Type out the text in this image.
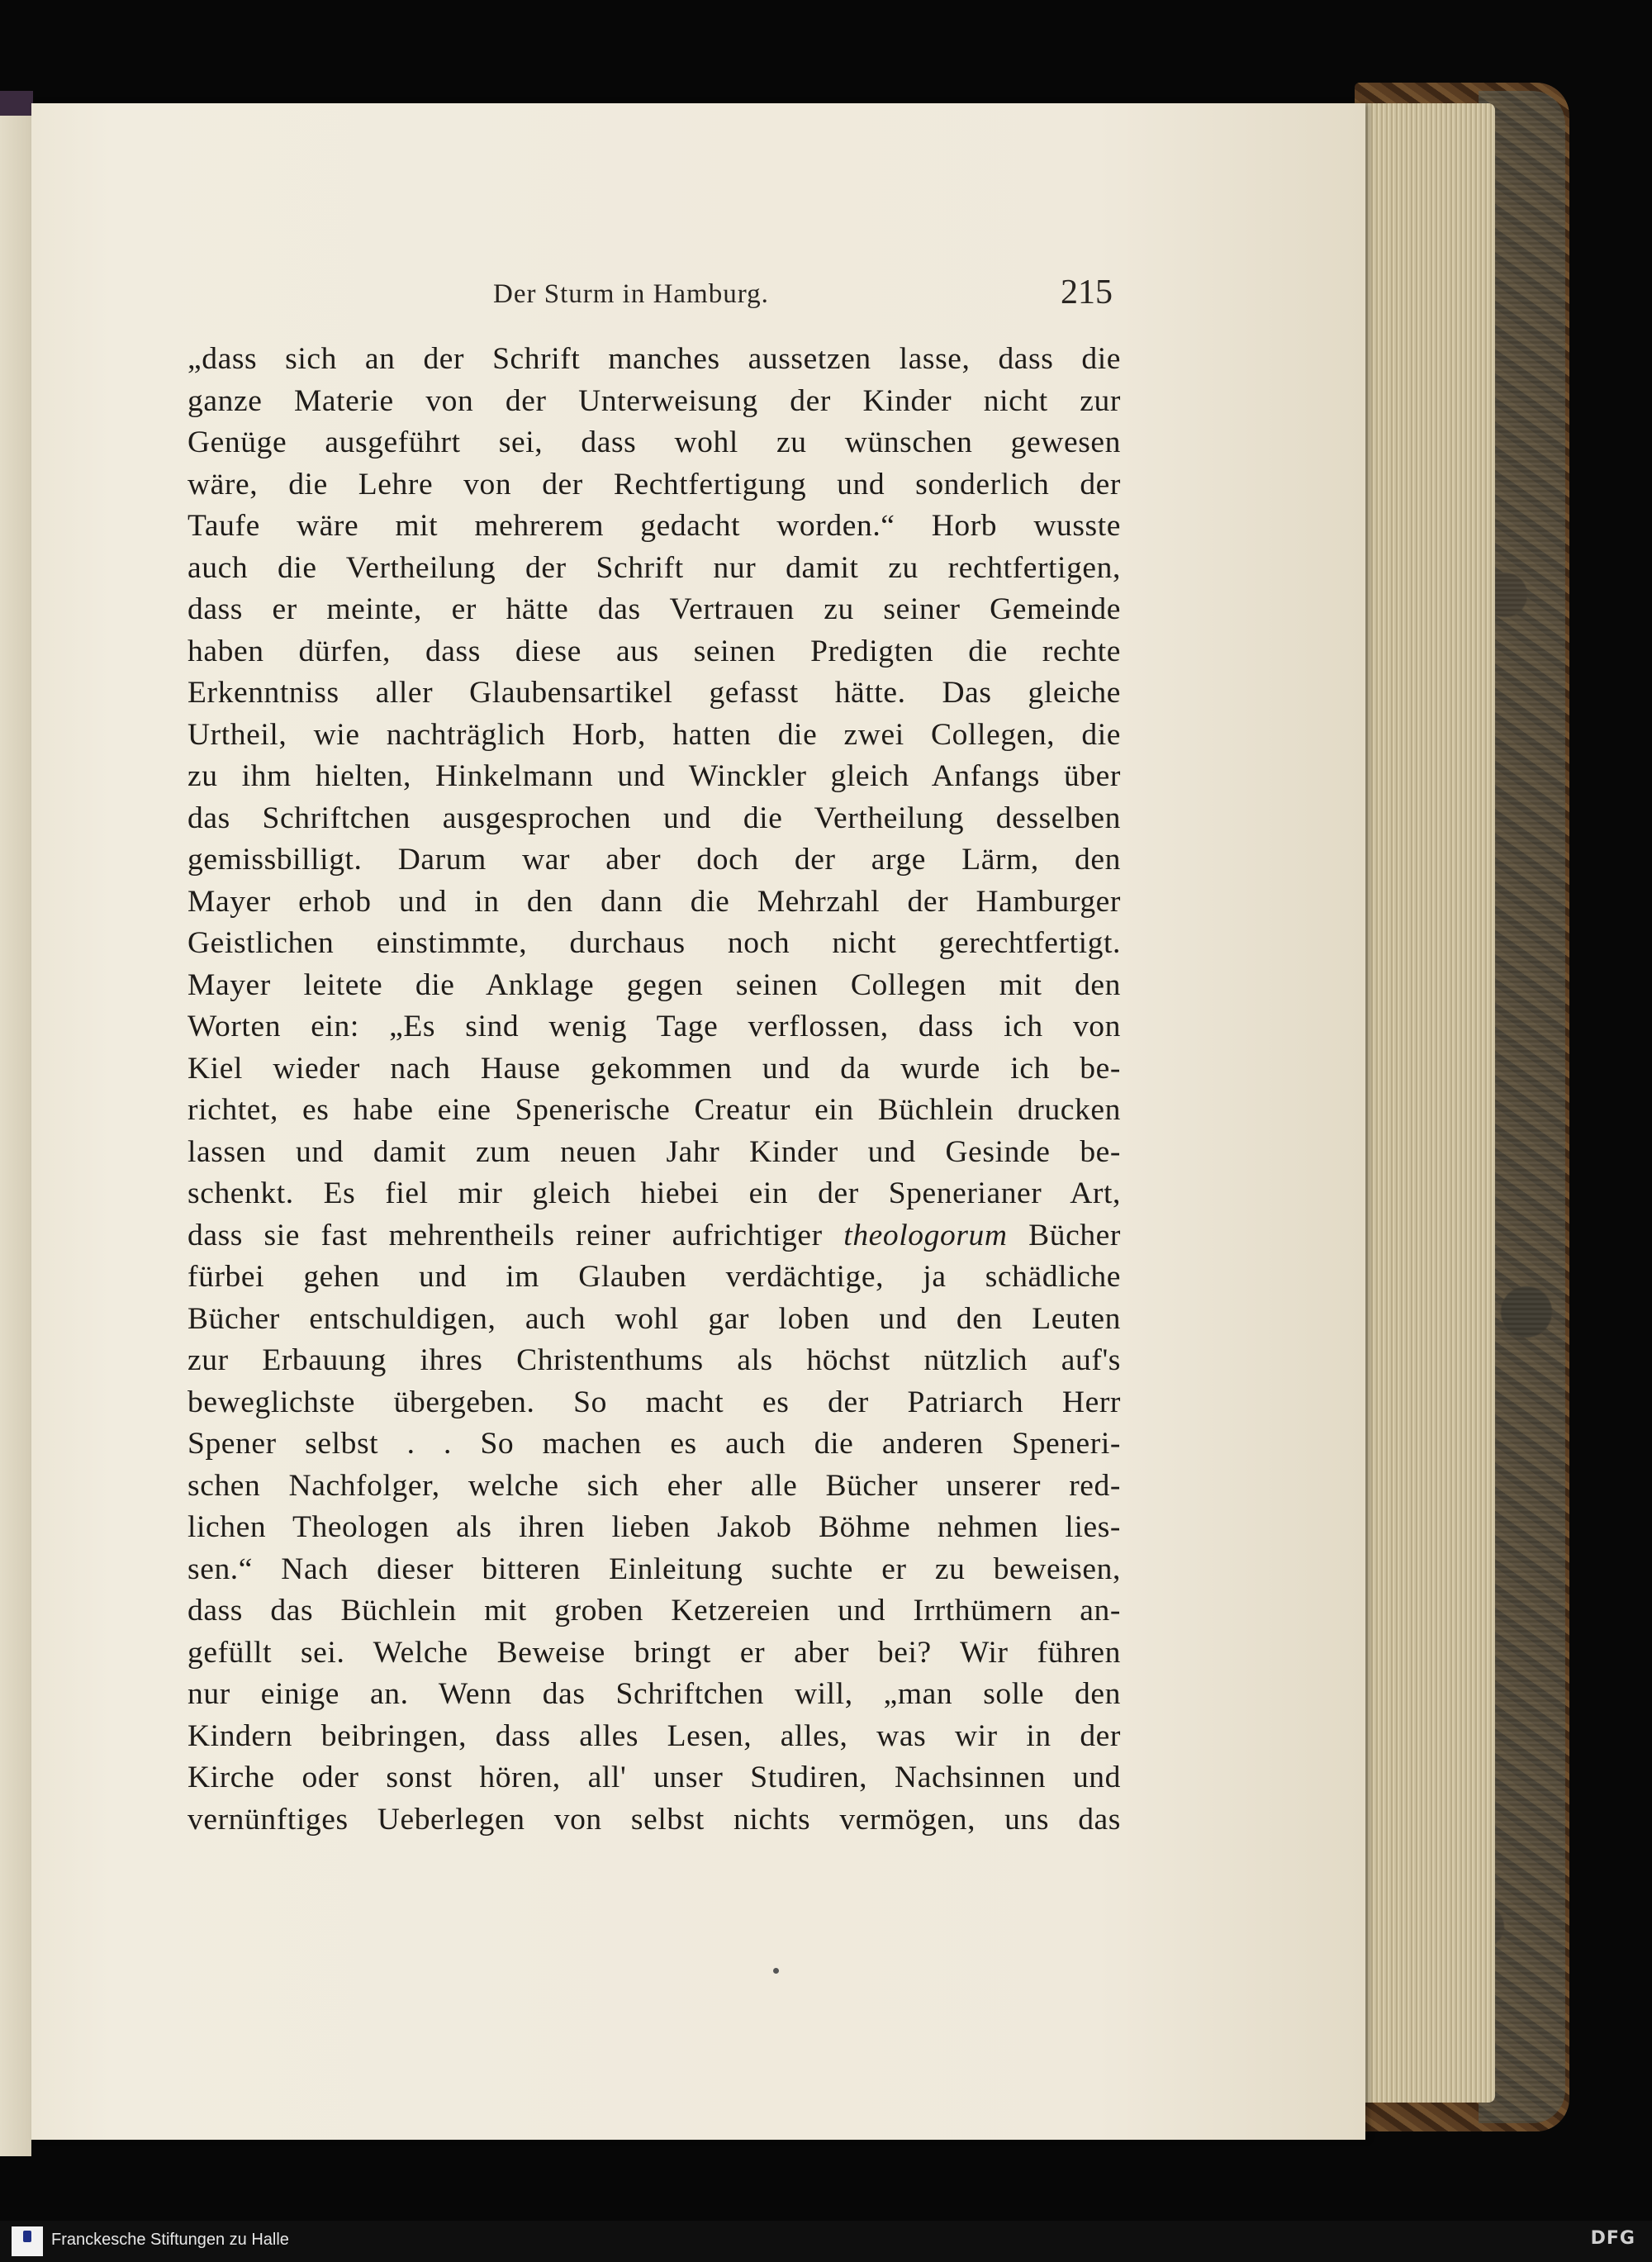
Der Sturm in Hamburg.	215
„dass sich an der Schrift manches aussetzen lasse, dass die
ganze Materie von der Unterweisung der Kinder nicht zur
Genüge ausgeführt sei, dass wohl zu wünschen gewesen
wäre, die Lehre von der Rechtfertigung und sonderlich der
Taufe wäre mit mehrerem gedacht worden.“ Horb wusste
auch die Vertheilung der Schrift nur damit zu rechtfertigen,
dass er meinte, er hätte das Vertrauen zu seiner Gemeinde
haben dürfen, dass diese aus seinen Predigten die rechte
Erkenntniss aller Glaubensartikel gefasst hätte. Das gleiche
Urtheil, wie nachträglich Horb, hatten die zwei Collegen, die
zu ihm hielten, Hinkelmann und Winckler gleich Anfangs über
das Schriftchen ausgesprochen und die Vertheilung desselben
gemissbilligt. Darum war aber doch der arge Lärm, den
Mayer erhob und in den dann die Mehrzahl der Hamburger
Geistlichen einstimmte, durchaus noch nicht gerechtfertigt.
Mayer leitete die Anklage gegen seinen Collegen mit den
Worten ein: „Es sind wenig Tage verflossen, dass ich von
Kiel wieder nach Hause gekommen und da wurde ich be-
richtet, es habe eine Spenerische Creatur ein Büchlein drucken
lassen und damit zum neuen Jahr Kinder und Gesinde be-
schenkt. Es fiel mir gleich hiebei ein der Spenerianer Art,
dass sie fast mehrentheils reiner aufrichtiger theologorum Bücher
fürbei gehen und im Glauben verdächtige, ja schädliche
Bücher entschuldigen, auch wohl gar loben und den Leuten
zur Erbauung ihres Christenthums als höchst nützlich auf's
beweglichste übergeben. So macht es der Patriarch Herr
Spener selbst . . So machen es auch die anderen Speneri-
schen Nachfolger, welche sich eher alle Bücher unserer red-
lichen Theologen als ihren lieben Jakob Böhme nehmen lies-
sen.“ Nach dieser bitteren Einleitung suchte er zu beweisen,
dass das Büchlein mit groben Ketzereien und Irrthümern an-
gefüllt sei. Welche Beweise bringt er aber bei? Wir führen
nur einige an. Wenn das Schriftchen will, „man solle den
Kindern beibringen, dass alles Lesen, alles, was wir in der
Kirche oder sonst hören, all' unser Studiren, Nachsinnen und
vernünftiges Ueberlegen von selbst nichts vermögen, uns das
Franckesche Stiftungen zu Halle	DFG
